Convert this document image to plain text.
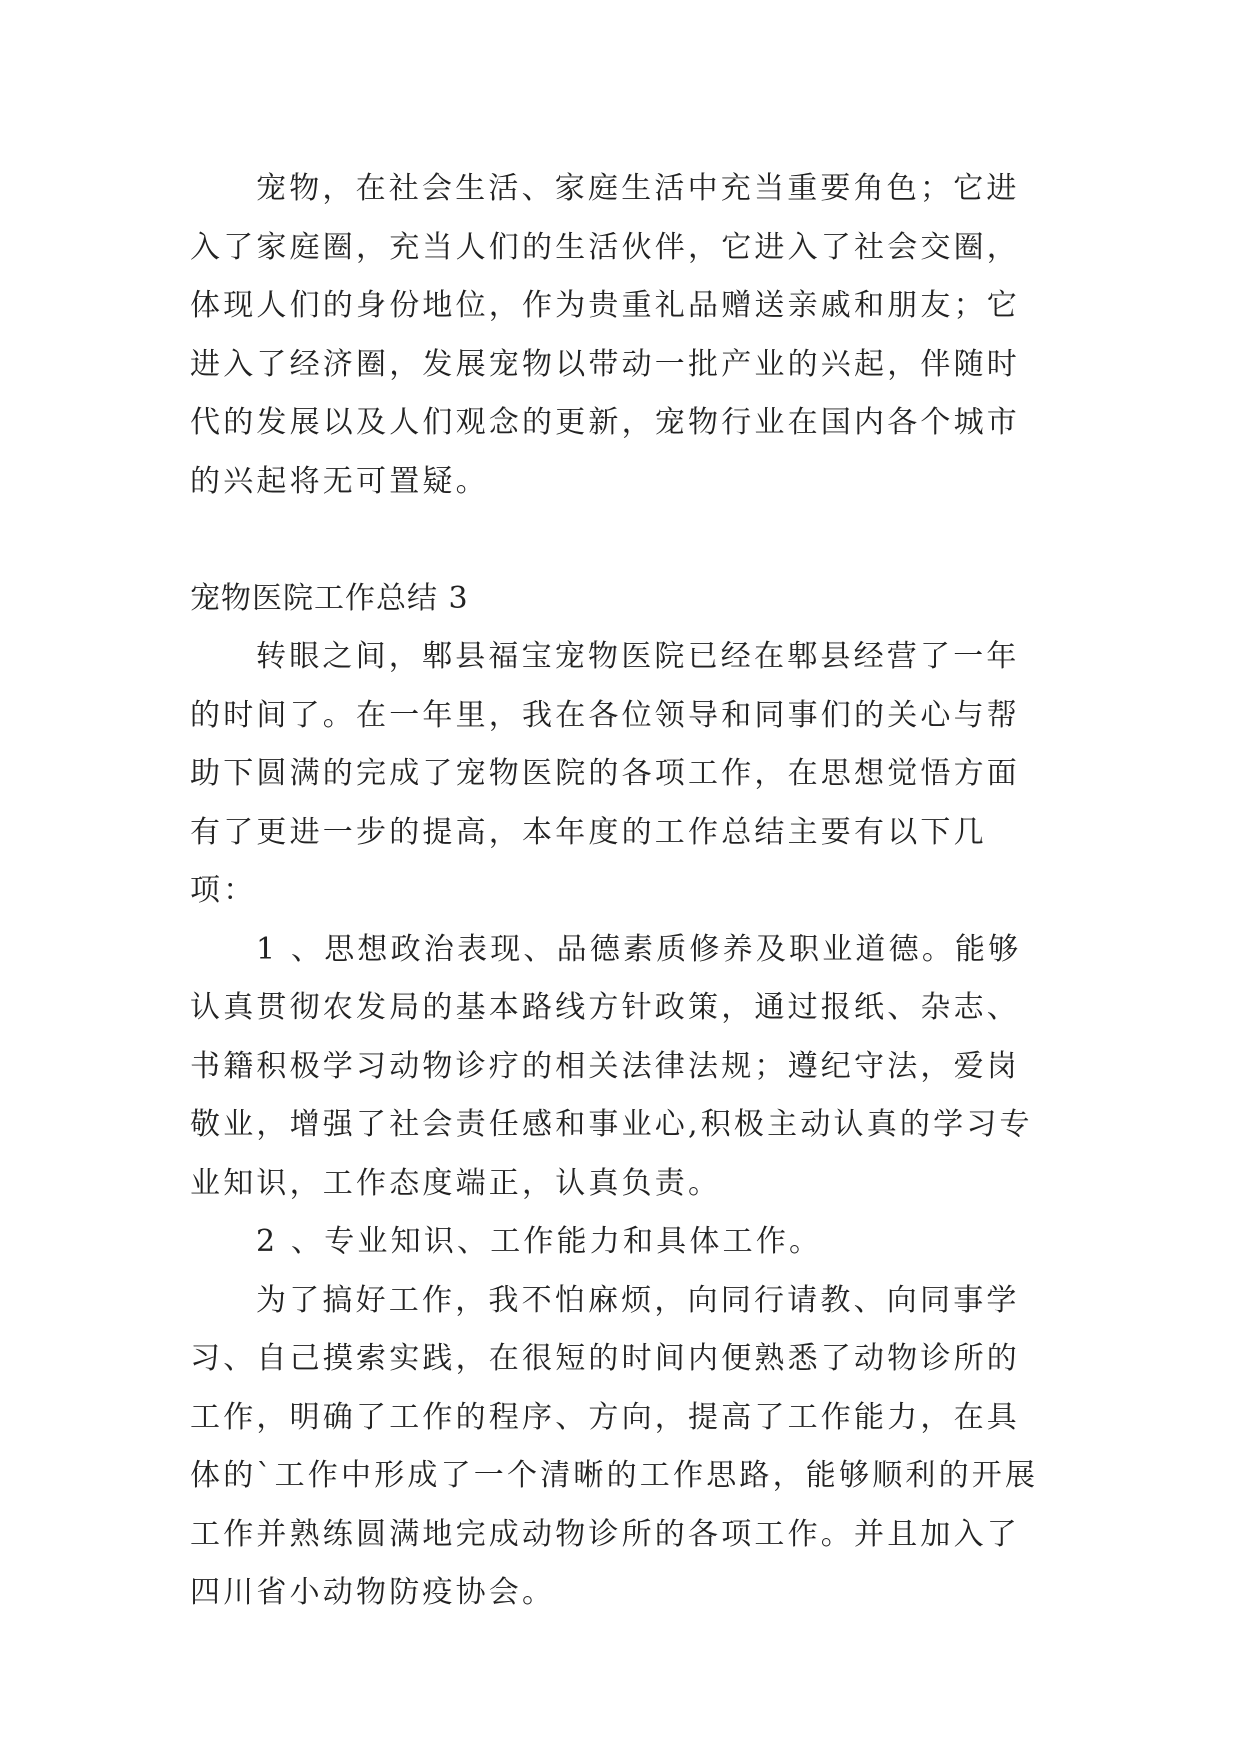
宠物，在社会生活、家庭生活中充当重要角色；它进入了家庭圈，充当人们的生活伙伴，它进入了社会交圈，体现人们的身份地位，作为贵重礼品赠送亲戚和朋友；它进入了经济圈，发展宠物以带动一批产业的兴起，伴随时代的发展以及人们观念的更新，宠物行业在国内各个城市的兴起将无可置疑。

宠物医院工作总结 3

转眼之间，郫县福宝宠物医院已经在郫县经营了一年的时间了。在一年里，我在各位领导和同事们的关心与帮助下圆满的完成了宠物医院的各项工作，在思想觉悟方面有了更进一步的提高，本年度的工作总结主要有以下几项：

1 、思想政治表现、品德素质修养及职业道德。能够认真贯彻农发局的基本路线方针政策，通过报纸、杂志、书籍积极学习动物诊疗的相关法律法规；遵纪守法，爱岗敬业，增强了社会责任感和事业心,积极主动认真的学习专业知识，工作态度端正，认真负责。

2 、专业知识、工作能力和具体工作。

为了搞好工作，我不怕麻烦，向同行请教、向同事学习、自己摸索实践，在很短的时间内便熟悉了动物诊所的工作，明确了工作的程序、方向，提高了工作能力，在具体的`工作中形成了一个清晰的工作思路，能够顺利的开展工作并熟练圆满地完成动物诊所的各项工作。并且加入了四川省小动物防疫协会。
